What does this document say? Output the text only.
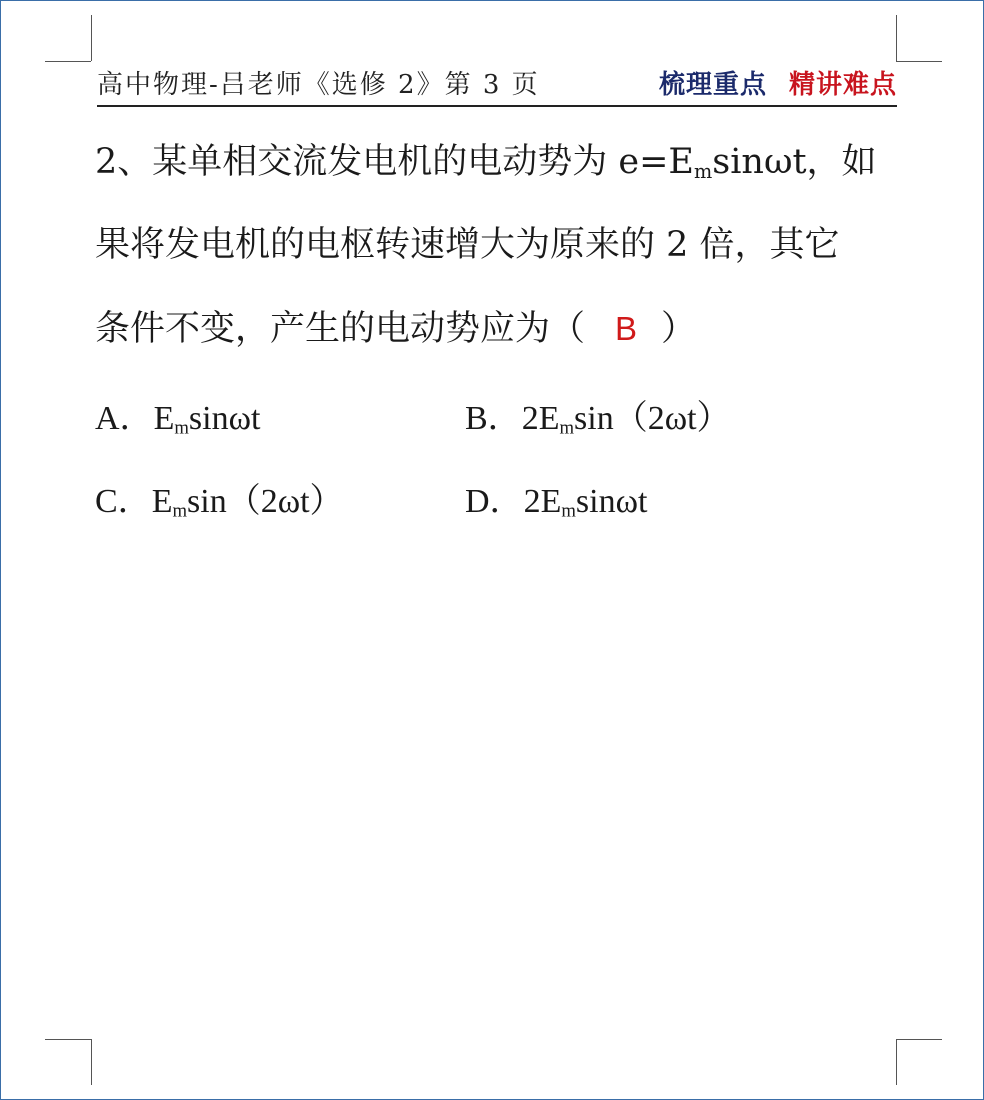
高中物理-吕老师《选修 2》第 3 页	梳理重点 精讲难点
2、某单相交流发电机的电动势为 $e=E_m\sin\omega t$，如
果将发电机的电枢转速增大为原来的 2 倍，其它
条件不变，产生的电动势应为（ B ）
A．$E_m\sin\omega t$	B．$2E_m\sin(2\omega t)$
C．$E_m\sin(2\omega t)$	D．$2E_m\sin\omega t$
